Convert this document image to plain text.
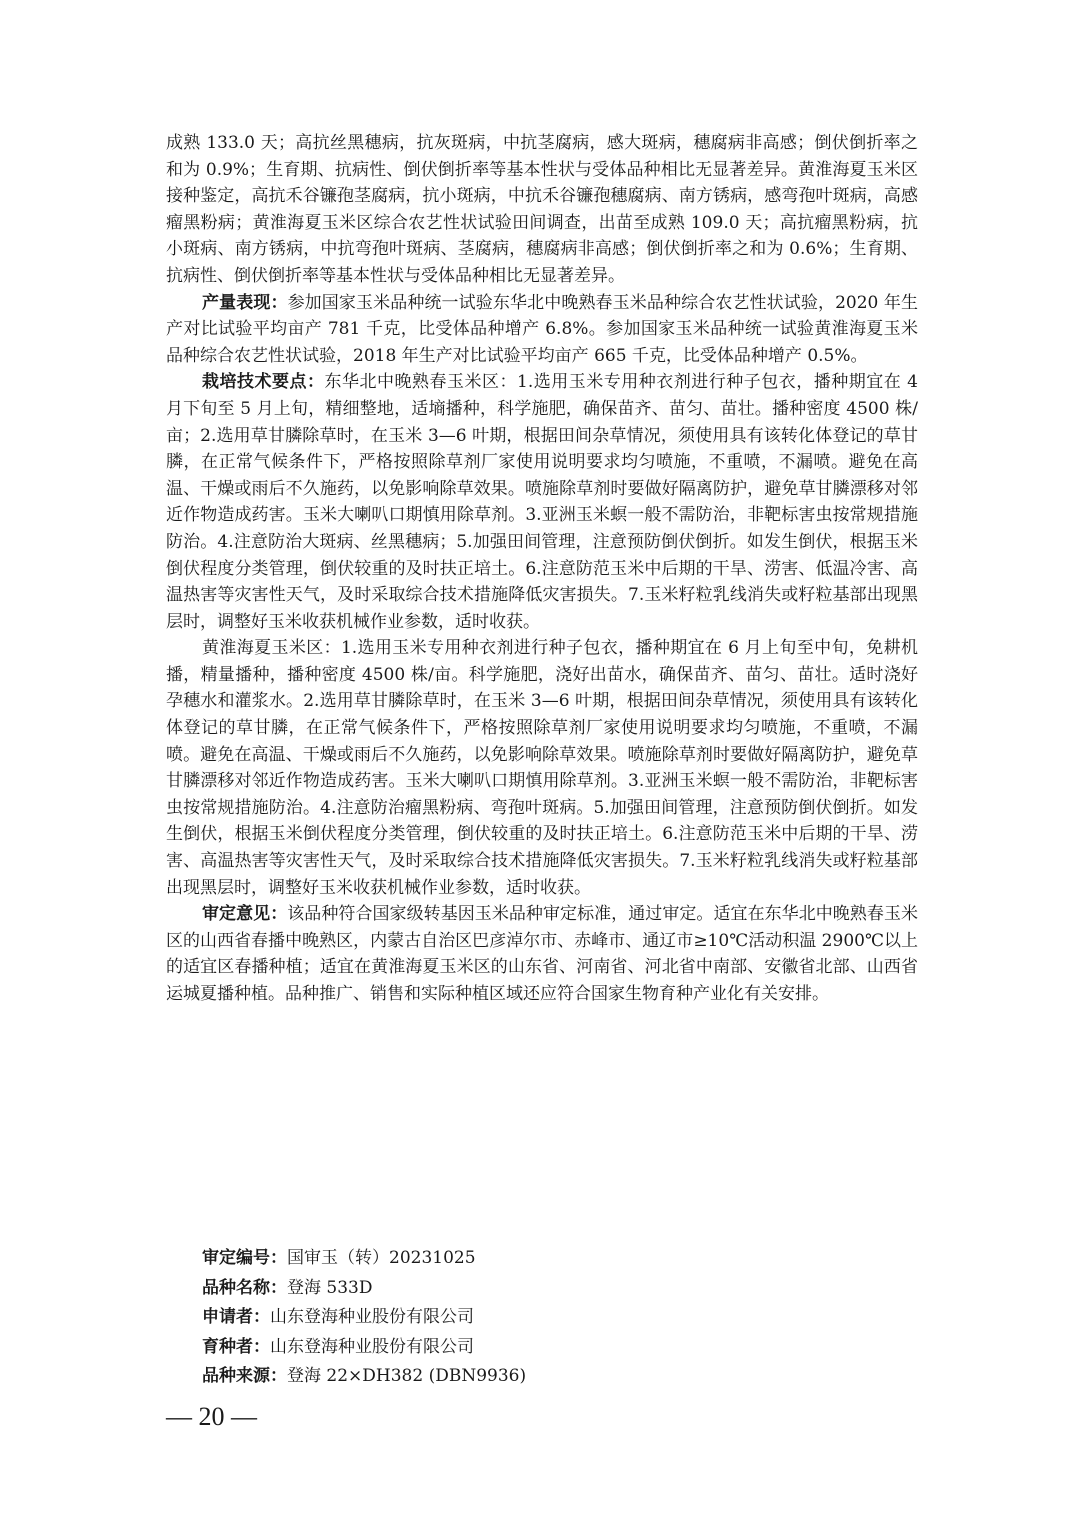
成熟 133.0 天；高抗丝黑穗病，抗灰斑病，中抗茎腐病，感大斑病，穗腐病非高感；倒伏倒折率之和为 0.9%；生育期、抗病性、倒伏倒折率等基本性状与受体品种相比无显著差异。黄淮海夏玉米区接种鉴定，高抗禾谷镰孢茎腐病，抗小斑病，中抗禾谷镰孢穗腐病、南方锈病，感弯孢叶斑病，高感瘤黑粉病；黄淮海夏玉米区综合农艺性状试验田间调查，出苗至成熟 109.0 天；高抗瘤黑粉病，抗小斑病、南方锈病，中抗弯孢叶斑病、茎腐病，穗腐病非高感；倒伏倒折率之和为 0.6%；生育期、抗病性、倒伏倒折率等基本性状与受体品种相比无显著差异。

产量表现：参加国家玉米品种统一试验东华北中晚熟春玉米品种综合农艺性状试验，2020 年生产对比试验平均亩产 781 千克，比受体品种增产 6.8%。参加国家玉米品种统一试验黄淮海夏玉米品种综合农艺性状试验，2018 年生产对比试验平均亩产 665 千克，比受体品种增产 0.5%。

栽培技术要点：东华北中晚熟春玉米区：1.选用玉米专用种衣剂进行种子包衣，播种期宜在 4 月下旬至 5 月上旬，精细整地，适墒播种，科学施肥，确保苗齐、苗匀、苗壮。播种密度 4500 株/亩；2.选用草甘膦除草时，在玉米 3—6 叶期，根据田间杂草情况，须使用具有该转化体登记的草甘膦，在正常气候条件下，严格按照除草剂厂家使用说明要求均匀喷施，不重喷，不漏喷。避免在高温、干燥或雨后不久施药，以免影响除草效果。喷施除草剂时要做好隔离防护，避免草甘膦漂移对邻近作物造成药害。玉米大喇叭口期慎用除草剂。3.亚洲玉米螟一般不需防治，非靶标害虫按常规措施防治。4.注意防治大斑病、丝黑穗病；5.加强田间管理，注意预防倒伏倒折。如发生倒伏，根据玉米倒伏程度分类管理，倒伏较重的及时扶正培土。6.注意防范玉米中后期的干旱、涝害、低温冷害、高温热害等灾害性天气，及时采取综合技术措施降低灾害损失。7.玉米籽粒乳线消失或籽粒基部出现黑层时，调整好玉米收获机械作业参数，适时收获。

黄淮海夏玉米区：1.选用玉米专用种衣剂进行种子包衣，播种期宜在 6 月上旬至中旬，免耕机播，精量播种，播种密度 4500 株/亩。科学施肥，浇好出苗水，确保苗齐、苗匀、苗壮。适时浇好孕穗水和灌浆水。2.选用草甘膦除草时，在玉米 3—6 叶期，根据田间杂草情况，须使用具有该转化体登记的草甘膦，在正常气候条件下，严格按照除草剂厂家使用说明要求均匀喷施，不重喷，不漏喷。避免在高温、干燥或雨后不久施药，以免影响除草效果。喷施除草剂时要做好隔离防护，避免草甘膦漂移对邻近作物造成药害。玉米大喇叭口期慎用除草剂。3.亚洲玉米螟一般不需防治，非靶标害虫按常规措施防治。4.注意防治瘤黑粉病、弯孢叶斑病。5.加强田间管理，注意预防倒伏倒折。如发生倒伏，根据玉米倒伏程度分类管理，倒伏较重的及时扶正培土。6.注意防范玉米中后期的干旱、涝害、高温热害等灾害性天气，及时采取综合技术措施降低灾害损失。7.玉米籽粒乳线消失或籽粒基部出现黑层时，调整好玉米收获机械作业参数，适时收获。

审定意见：该品种符合国家级转基因玉米品种审定标准，通过审定。适宜在东华北中晚熟春玉米区的山西省春播中晚熟区，内蒙古自治区巴彦淖尔市、赤峰市、通辽市≥10℃活动积温 2900℃以上的适宜区春播种植；适宜在黄淮海夏玉米区的山东省、河南省、河北省中南部、安徽省北部、山西省运城夏播种植。品种推广、销售和实际种植区域还应符合国家生物育种产业化有关安排。

审定编号：国审玉（转）20231025
品种名称：登海 533D
申请者：山东登海种业股份有限公司
育种者：山东登海种业股份有限公司
品种来源：登海 22×DH382 (DBN9936)
— 20 —
